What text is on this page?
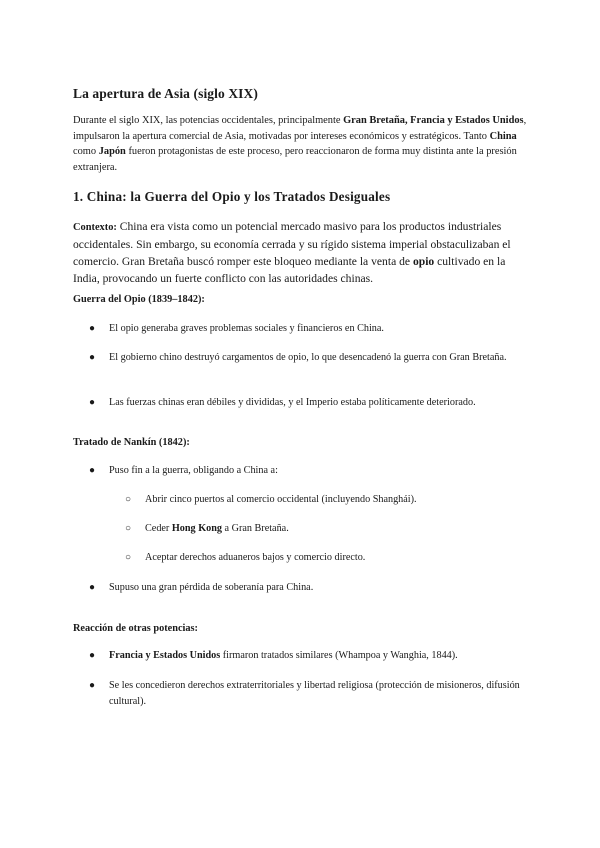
La apertura de Asia (siglo XIX)
Durante el siglo XIX, las potencias occidentales, principalmente Gran Bretaña, Francia y Estados Unidos, impulsaron la apertura comercial de Asia, motivadas por intereses económicos y estratégicos. Tanto China como Japón fueron protagonistas de este proceso, pero reaccionaron de forma muy distinta ante la presión extranjera.
1. China: la Guerra del Opio y los Tratados Desiguales
Contexto: China era vista como un potencial mercado masivo para los productos industriales occidentales. Sin embargo, su economía cerrada y su rígido sistema imperial obstaculizaban el comercio. Gran Bretaña buscó romper este bloqueo mediante la venta de opio cultivado en la India, provocando un fuerte conflicto con las autoridades chinas.
Guerra del Opio (1839–1842):
● El opio generaba graves problemas sociales y financieros en China.
● El gobierno chino destruyó cargamentos de opio, lo que desencadenó la guerra con Gran Bretaña.
● Las fuerzas chinas eran débiles y divididas, y el Imperio estaba políticamente deteriorado.
Tratado de Nankín (1842):
● Puso fin a la guerra, obligando a China a:
○ Abrir cinco puertos al comercio occidental (incluyendo Shanghái).
○ Ceder Hong Kong a Gran Bretaña.
○ Aceptar derechos aduaneros bajos y comercio directo.
● Supuso una gran pérdida de soberanía para China.
Reacción de otras potencias:
● Francia y Estados Unidos firmaron tratados similares (Whampoa y Wanghia, 1844).
● Se les concedieron derechos extraterritoriales y libertad religiosa (protección de misioneros, difusión cultural).
